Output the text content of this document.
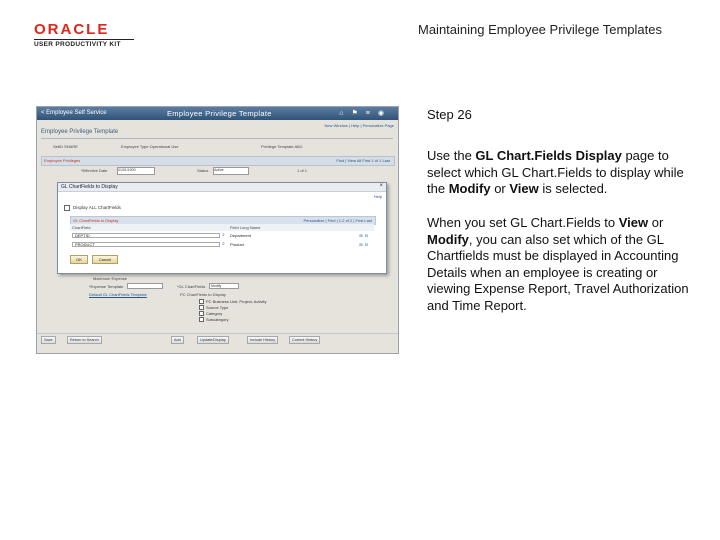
ORACLE
USER PRODUCTIVITY KIT
Maintaining Employee Privilege Templates
< Employee Self Service	Employee Privilege Template	⌂⚑≡◉
New Window | Help | Personalize Page
Employee Privilege Template
SetID SHARE	Employee Type Operational Use	Privilege Template ABC
Employee Privileges	Find | View All First 1 of 1 Last
*Effective Date	01/01/1900	Status Active	1 of 1
GL ChartFields to Display	×
Help
Display ALL ChartFields
GL ChartFields to Display	Personalize | Find | 1-2 of 2 | First Last
ChartField	Field Long Name
DEPTID	⌕ Department	⊞⊟
PRODUCT	⌕ Product	⊞⊟
OK	Cancel
Maximum Expense
*Expense Template
Default GL ChartFields Template
*GL ChartFields	Modify
PC ChartFields to Display
PC Business Unit, Project, Activity
Source Type
Category
Subcategory
Save	Return to Search	Add	Update/Display	Include History	Correct History
Step 26
Use the GL Chart.Fields Display page to select which GL Chart.Fields to display while the Modify or View is selected.
When you set GL Chart.Fields to View or Modify, you can also set which of the GL Chartfields must be displayed in Accounting Details when an employee is creating or viewing Expense Report, Travel Authorization and Time Report.
